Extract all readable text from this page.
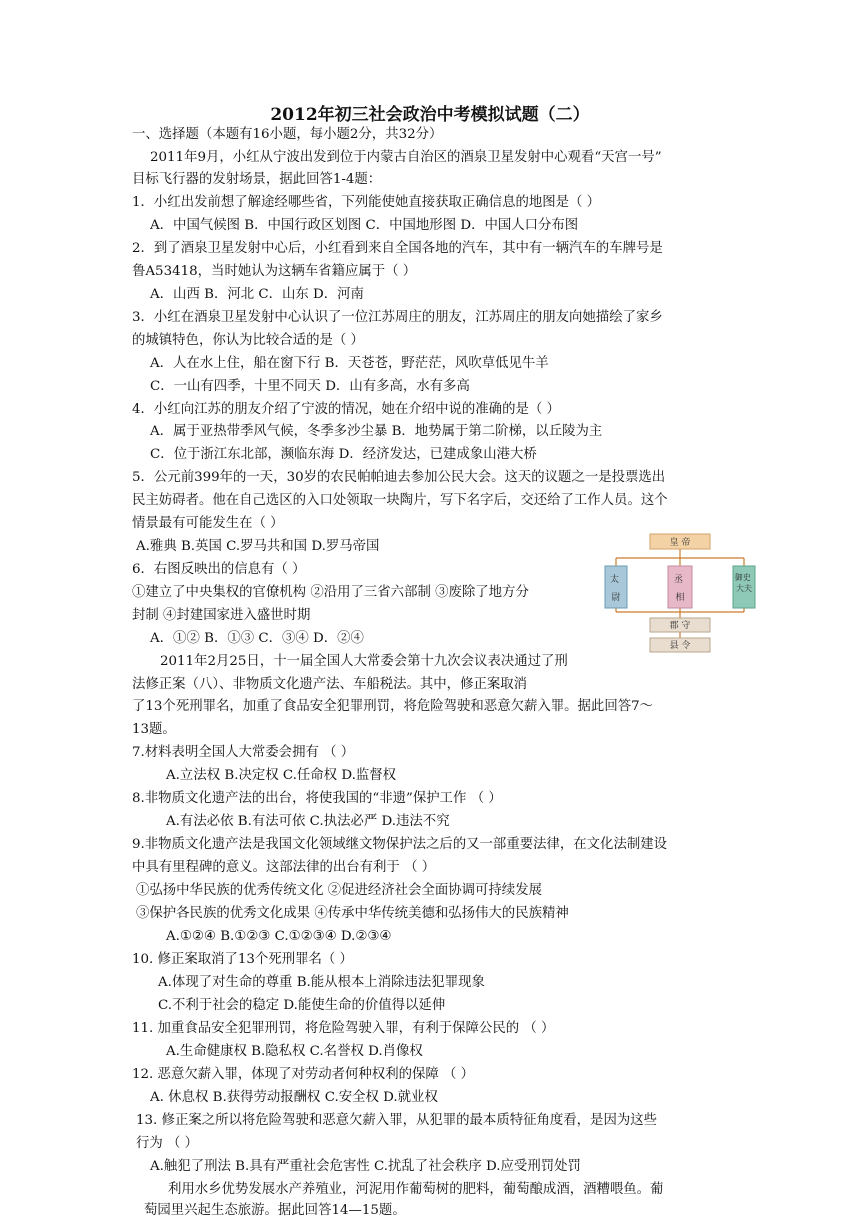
2012年初三社会政治中考模拟试题（二）
一、选择题（本题有16小题，每小题2分，共32分）
2011年9月，小红从宁波出发到位于内蒙古自治区的酒泉卫星发射中心观看“天宫一号”
目标飞行器的发射场景，据此回答1-4题：
1．小红出发前想了解途经哪些省，下列能使她直接获取正确信息的地图是（ ）
A．中国气候图 B．中国行政区划图 C．中国地形图 D．中国人口分布图
2．到了酒泉卫星发射中心后，小红看到来自全国各地的汽车，其中有一辆汽车的车牌号是
鲁A53418，当时她认为这辆车省籍应属于（ ）
A．山西 B．河北 C．山东 D．河南
3．小红在酒泉卫星发射中心认识了一位江苏周庄的朋友，江苏周庄的朋友向她描绘了家乡
的城镇特色，你认为比较合适的是（ ）
A．人在水上住，船在窗下行 B．天苍苍，野茫茫，风吹草低见牛羊
C．一山有四季，十里不同天 D．山有多高，水有多高
4．小红向江苏的朋友介绍了宁波的情况，她在介绍中说的准确的是（ ）
A．属于亚热带季风气候，冬季多沙尘暴 B．地势属于第二阶梯，以丘陵为主
C．位于浙江东北部，濒临东海 D．经济发达，已建成象山港大桥
5．公元前399年的一天，30岁的农民帕帕迪去参加公民大会。这天的议题之一是投票选出
民主妨碍者。他在自己选区的入口处领取一块陶片，写下名字后，交还给了工作人员。这个
情景最有可能发生在（ ）
A.雅典 B.英国 C.罗马共和国 D.罗马帝国
6．右图反映出的信息有（ ）
①建立了中央集权的官僚机构 ②沿用了三省六部制 ③废除了地方分
封制 ④封建国家进入盛世时期
A．①② B．①③ C．③④ D．②④
2011年2月25日，十一届全国人大常委会第十九次会议表决通过了刑
法修正案（八）、非物质文化遗产法、车船税法。其中，修正案取消
了13个死刑罪名，加重了食品安全犯罪刑罚，将危险驾驶和恶意欠薪入罪。据此回答7～
13题。
7.材料表明全国人大常委会拥有 （ ）
A.立法权 B.决定权 C.任命权 D.监督权
8.非物质文化遗产法的出台，将使我国的“非遗”保护工作 （ ）
A.有法必依 B.有法可依 C.执法必严 D.违法不究
9.非物质文化遗产法是我国文化领域继文物保护法之后的又一部重要法律，在文化法制建设
中具有里程碑的意义。这部法律的出台有利于 （ ）
①弘扬中华民族的优秀传统文化 ②促进经济社会全面协调可持续发展
③保护各民族的优秀文化成果 ④传承中华传统美德和弘扬伟大的民族精神
A.①②④ B.①②③ C.①②③④ D.②③④
10. 修正案取消了13个死刑罪名（ ）
A.体现了对生命的尊重 B.能从根本上消除违法犯罪现象
C.不利于社会的稳定 D.能使生命的价值得以延伸
11. 加重食品安全犯罪刑罚，将危险驾驶入罪，有利于保障公民的 （ ）
A.生命健康权 B.隐私权 C.名誉权 D.肖像权
12. 恶意欠薪入罪，体现了对劳动者何种权利的保障 （ ）
A. 休息权 B.获得劳动报酬权 C.安全权 D.就业权
13. 修正案之所以将危险驾驶和恶意欠薪入罪，从犯罪的最本质特征角度看，是因为这些
行为 （ ）
A.触犯了刑法 B.具有严重社会危害性 C.扰乱了社会秩序 D.应受刑罚处罚
利用水乡优势发展水产养殖业，河泥用作葡萄树的肥料，葡萄酿成酒，酒糟喂鱼。葡
萄园里兴起生态旅游。据此回答14—15题。
皇 帝
太 尉
丞 相
御史 大夫
郡 守
县 令
